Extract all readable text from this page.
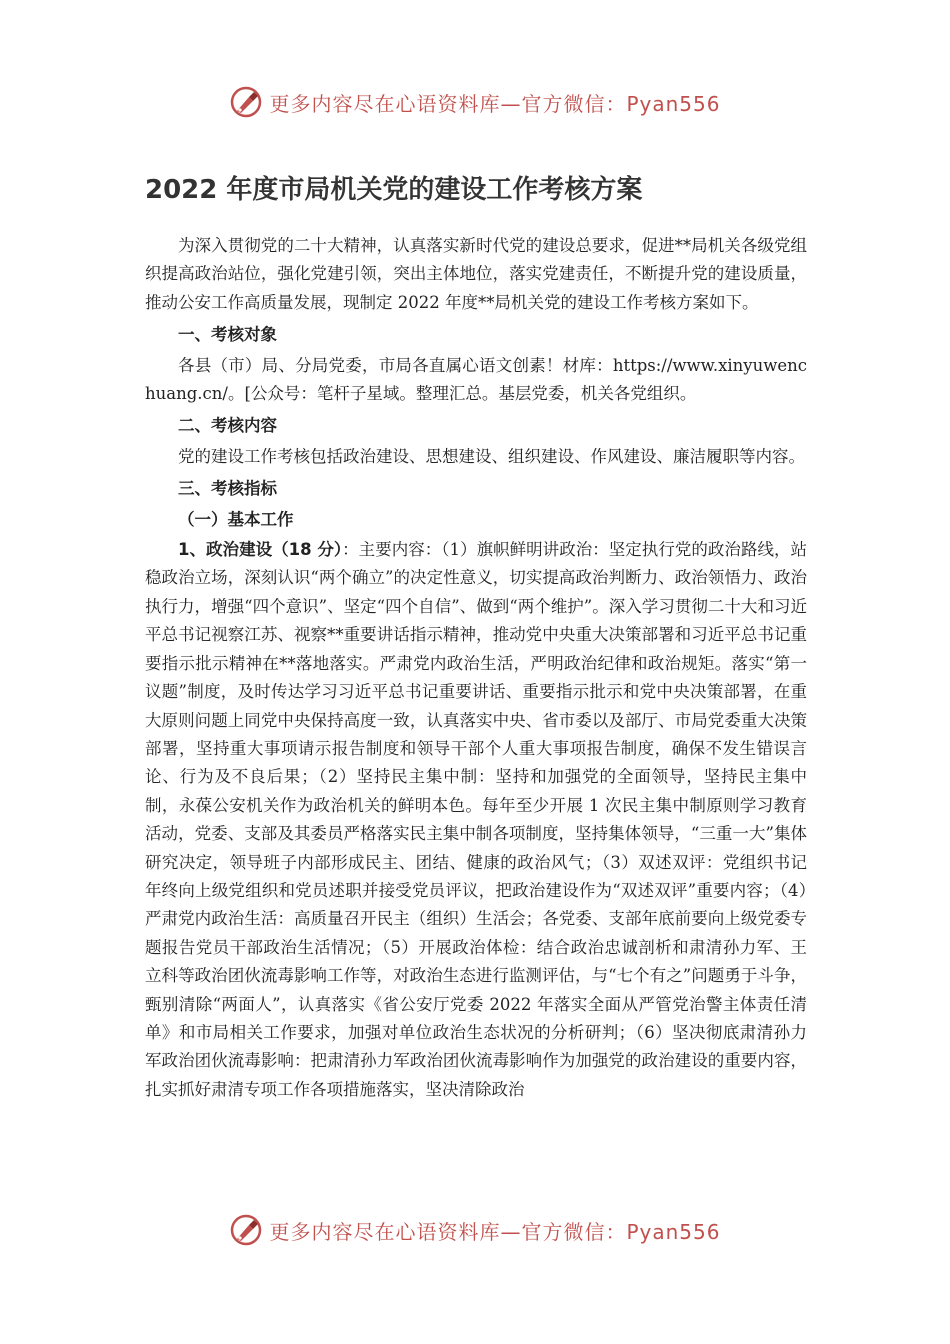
更多内容尽在心语资料库—官方微信：Pyan556
2022 年度市局机关党的建设工作考核方案

为深入贯彻党的二十大精神，认真落实新时代党的建设总要求，促进**局机关各级党组织提高政治站位，强化党建引领，突出主体地位，落实党建责任，不断提升党的建设质量，推动公安工作高质量发展，现制定 2022 年度**局机关党的建设工作考核方案如下。

一、考核对象

各县（市）局、分局党委，市局各直属心语文创素！材库：https://www.xinyuwenchuang.cn/。[公众号：笔杆子星域。整理汇总。基层党委，机关各党组织。

二、考核内容

党的建设工作考核包括政治建设、思想建设、组织建设、作风建设、廉洁履职等内容。

三、考核指标

（一）基本工作

1、政治建设（18 分）：主要内容：（1）旗帜鲜明讲政治：坚定执行党的政治路线，站稳政治立场，深刻认识“两个确立”的决定性意义，切实提高政治判断力、政治领悟力、政治执行力，增强“四个意识”、坚定“四个自信”、做到“两个维护”。深入学习贯彻二十大和习近平总书记视察江苏、视察**重要讲话指示精神，推动党中央重大决策部署和习近平总书记重要指示批示精神在**落地落实。严肃党内政治生活，严明政治纪律和政治规矩。落实“第一议题”制度，及时传达学习习近平总书记重要讲话、重要指示批示和党中央决策部署，在重大原则问题上同党中央保持高度一致，认真落实中央、省市委以及部厅、市局党委重大决策部署，坚持重大事项请示报告制度和领导干部个人重大事项报告制度，确保不发生错误言论、行为及不良后果；（2）坚持民主集中制：坚持和加强党的全面领导，坚持民主集中制，永葆公安机关作为政治机关的鲜明本色。每年至少开展 1 次民主集中制原则学习教育活动，党委、支部及其委员严格落实民主集中制各项制度，坚持集体领导，“三重一大”集体研究决定，领导班子内部形成民主、团结、健康的政治风气；（3）双述双评：党组织书记年终向上级党组织和党员述职并接受党员评议，把政治建设作为“双述双评”重要内容；（4）严肃党内政治生活：高质量召开民主（组织）生活会；各党委、支部年底前要向上级党委专题报告党员干部政治生活情况；（5）开展政治体检：结合政治忠诚剖析和肃清孙力军、王立科等政治团伙流毒影响工作等，对政治生态进行监测评估，与“七个有之”问题勇于斗争，甄别清除“两面人”，认真落实《省公安厅党委 2022 年落实全面从严管党治警主体责任清单》和市局相关工作要求，加强对单位政治生态状况的分析研判；（6）坚决彻底肃清孙力军政治团伙流毒影响：把肃清孙力军政治团伙流毒影响作为加强党的政治建设的重要内容，扎实抓好肃清专项工作各项措施落实，坚决清除政治

更多内容尽在心语资料库—官方微信：Pyan556
